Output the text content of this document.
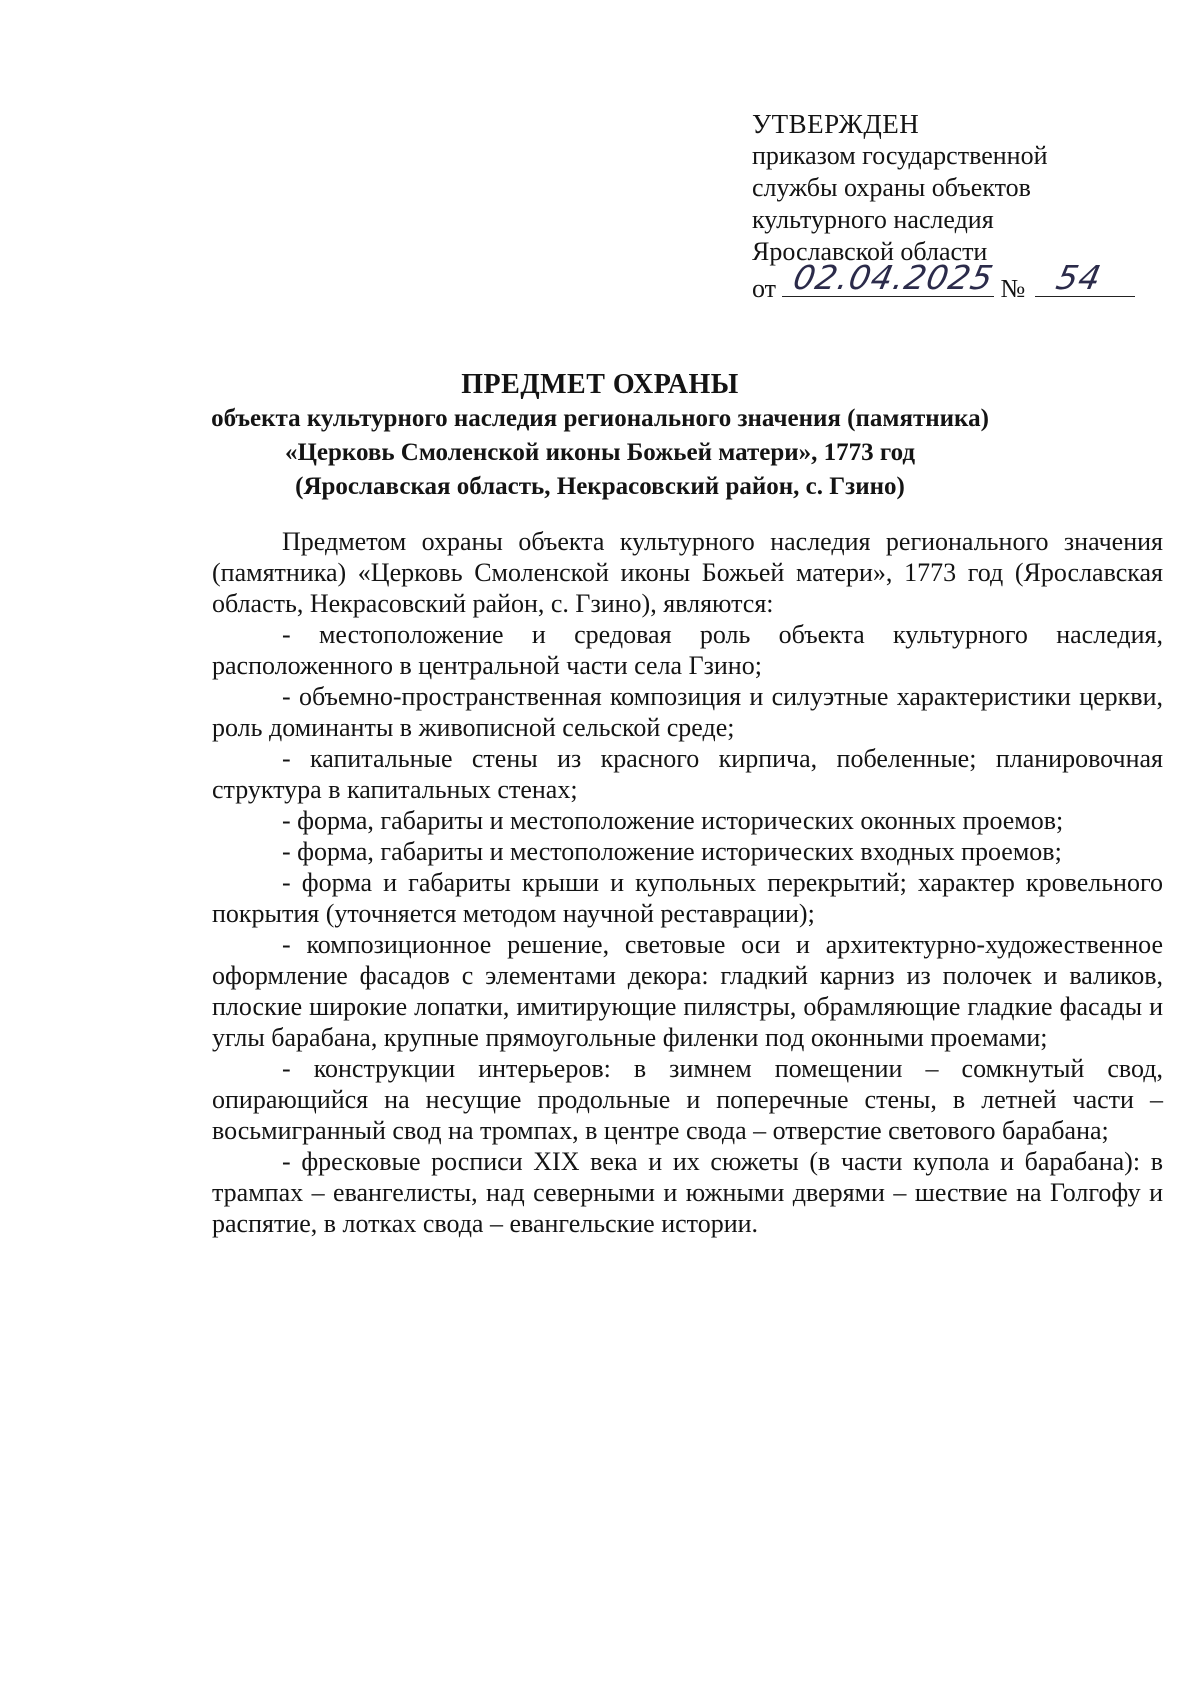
УТВЕРЖДЕН
приказом государственной
службы охраны объектов
культурного наследия
Ярославской области
от 02.04.2025 № 54
ПРЕДМЕТ ОХРАНЫ
объекта культурного наследия регионального значения (памятника)
«Церковь Смоленской иконы Божьей матери», 1773 год
(Ярославская область, Некрасовский район, с. Гзино)

Предметом охраны объекта культурного наследия регионального значения (памятника) «Церковь Смоленской иконы Божьей матери», 1773 год (Ярославская область, Некрасовский район, с. Гзино), являются:

- местоположение и средовая роль объекта культурного наследия, расположенного в центральной части села Гзино;

- объемно-пространственная композиция и силуэтные характеристики церкви, роль доминанты в живописной сельской среде;

- капитальные стены из красного кирпича, побеленные; планировочная структура в капитальных стенах;

- форма, габариты и местоположение исторических оконных проемов;

- форма, габариты и местоположение исторических входных проемов;

- форма и габариты крыши и купольных перекрытий; характер кровельного покрытия (уточняется методом научной реставрации);

- композиционное решение, световые оси и архитектурно-художественное оформление фасадов с элементами декора: гладкий карниз из полочек и валиков, плоские широкие лопатки, имитирующие пилястры, обрамляющие гладкие фасады и углы барабана, крупные прямоугольные филенки под оконными проемами;

- конструкции интерьеров: в зимнем помещении – сомкнутый свод, опирающийся на несущие продольные и поперечные стены, в летней части – восьмигранный свод на тромпах, в центре свода – отверстие светового барабана;

- фресковые росписи XIX века и их сюжеты (в части купола и барабана): в трампах – евангелисты, над северными и южными дверями – шествие на Голгофу и распятие, в лотках свода – евангельские истории.
